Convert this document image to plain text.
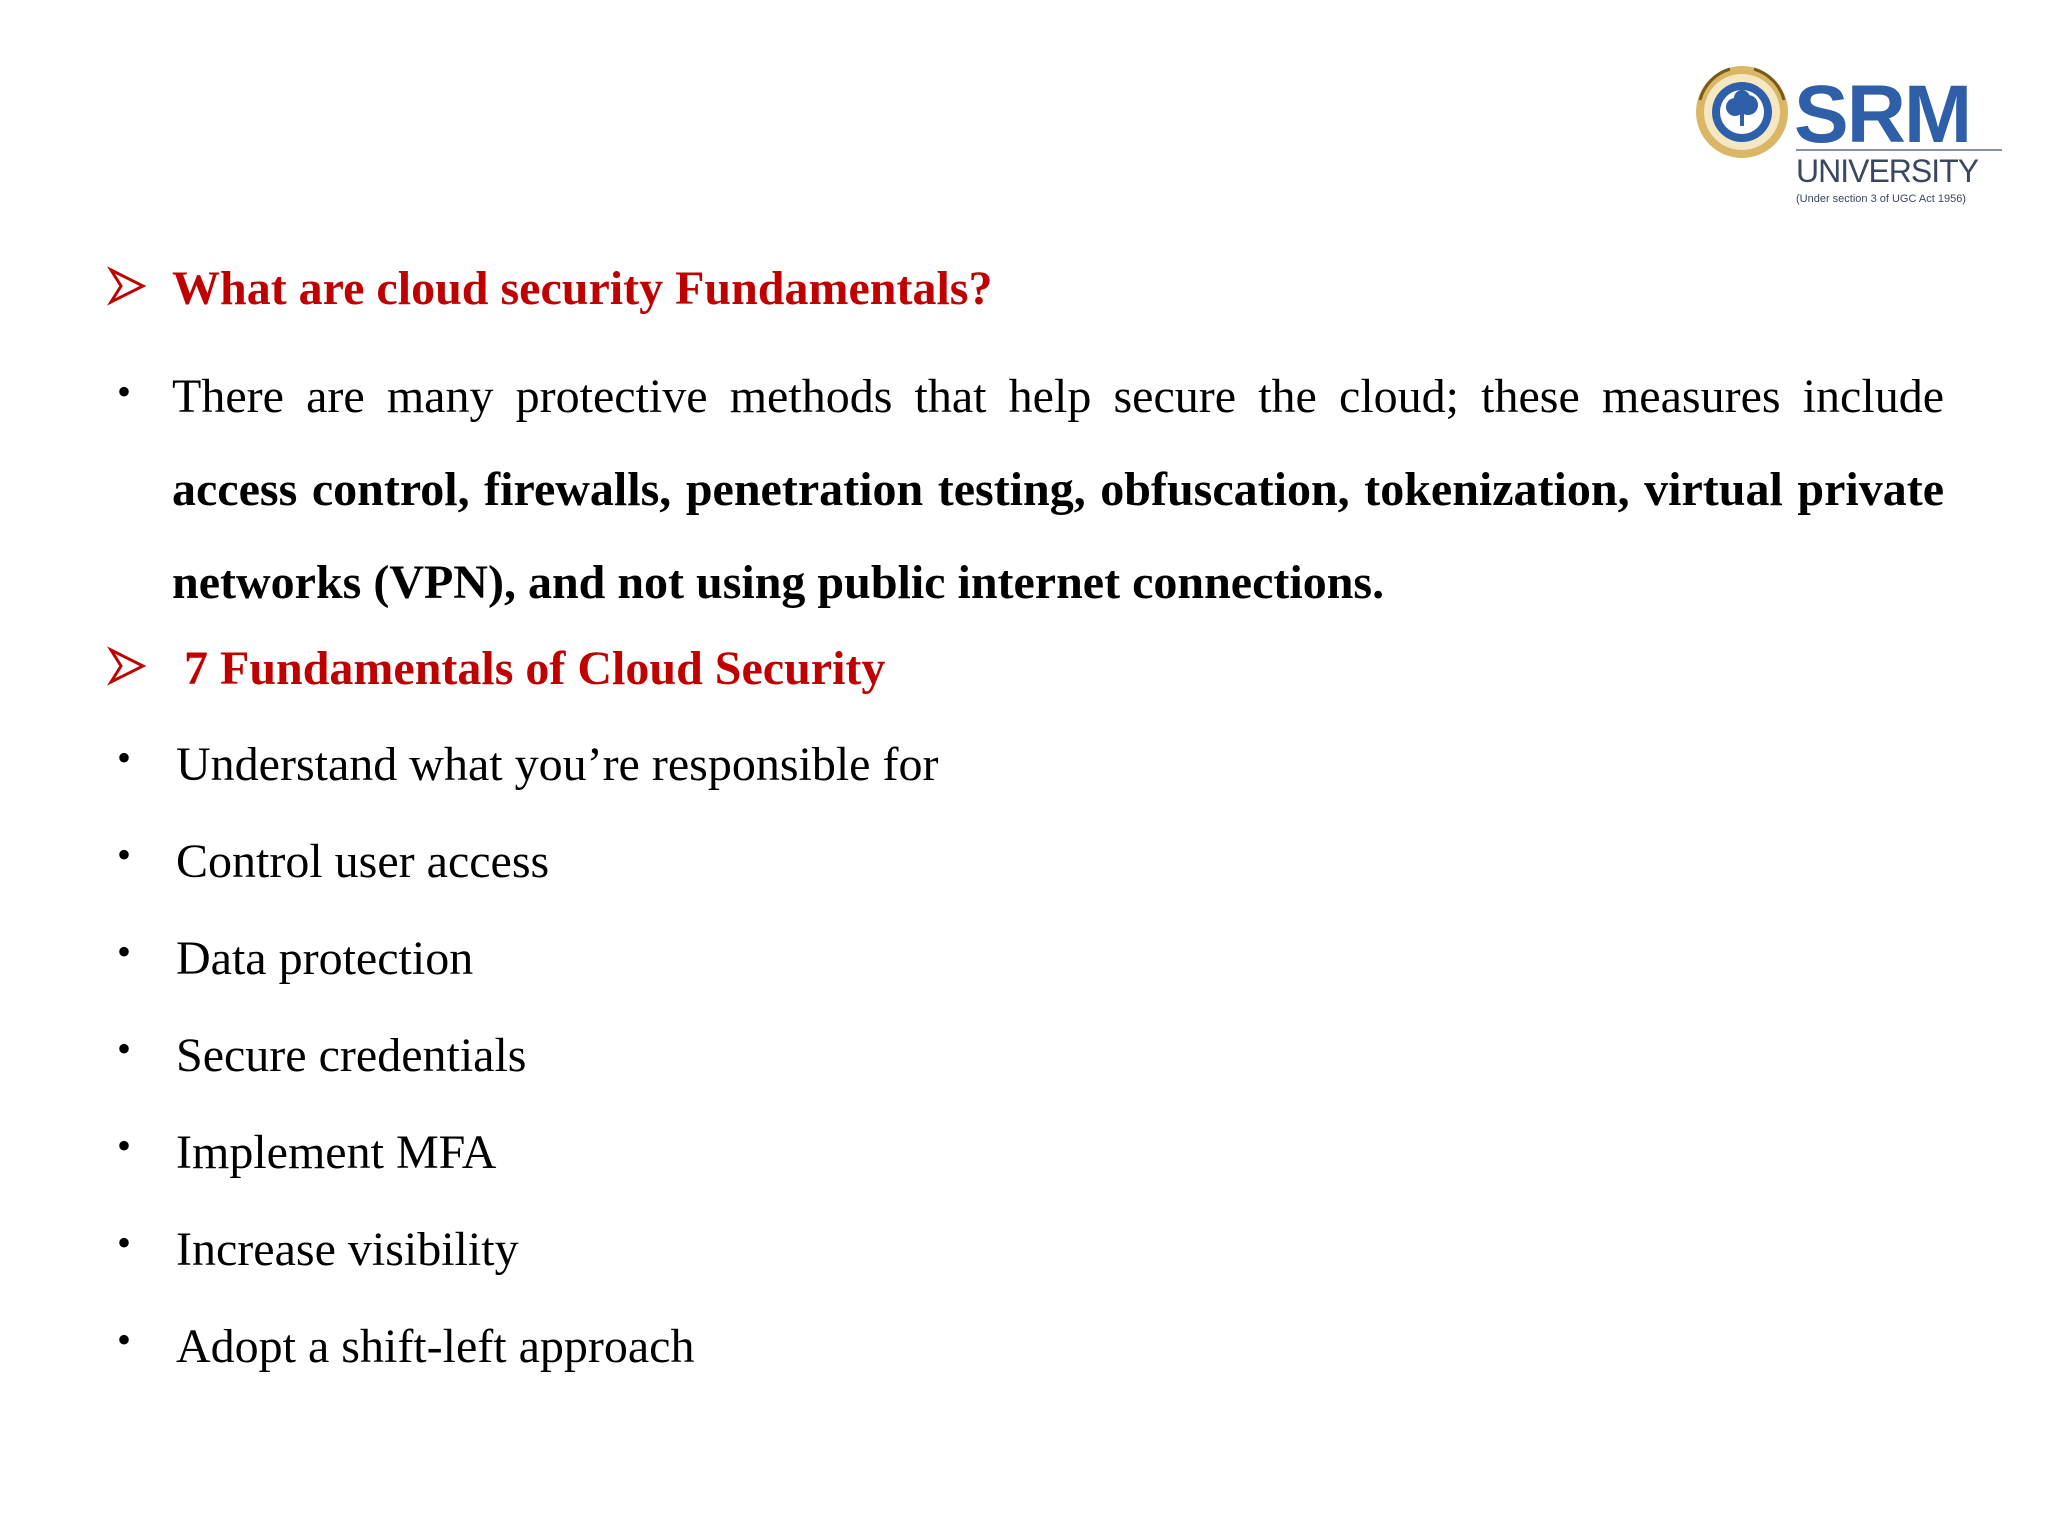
SRM
UNIVERSITY
(Under section 3 of UGC Act 1956)
What are cloud security Fundamentals?
• There are many protective methods that help secure the cloud; these measures include access control, firewalls, penetration testing, obfuscation, tokenization, virtual private networks (VPN), and not using public internet connections.
7 Fundamentals of Cloud Security
• Understand what you’re responsible for
• Control user access
• Data protection
• Secure credentials
• Implement MFA
• Increase visibility
• Adopt a shift-left approach
